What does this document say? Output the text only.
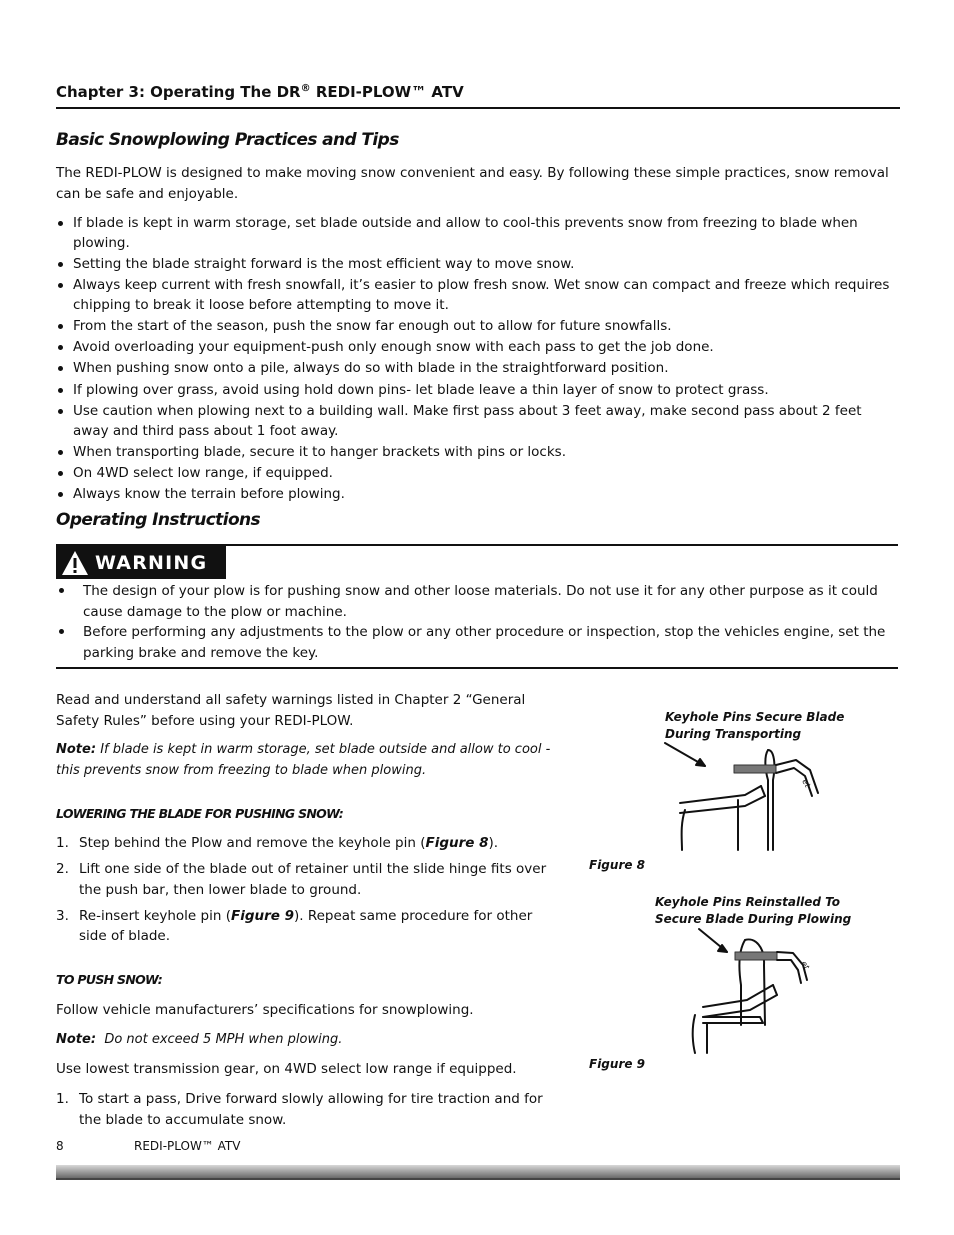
Chapter 3: Operating The DR® REDI-PLOW™ ATV
Basic Snowplowing Practices and Tips
The REDI-PLOW is designed to make moving snow convenient and easy. By following these simple practices, snow removal can be safe and enjoyable.
If blade is kept in warm storage, set blade outside and allow to cool-this prevents snow from freezing to blade when plowing.
Setting the blade straight forward is the most efficient way to move snow.
Always keep current with fresh snowfall, it’s easier to plow fresh snow. Wet snow can compact and freeze which requires chipping to break it loose before attempting to move it.
From the start of the season, push the snow far enough out to allow for future snowfalls.
Avoid overloading your equipment-push only enough snow with each pass to get the job done.
When pushing snow onto a pile, always do so with blade in the straightforward position.
If plowing over grass, avoid using hold down pins- let blade leave a thin layer of snow to protect grass.
Use caution when plowing next to a building wall. Make first pass about 3 feet away, make second pass about 2 feet away and third pass about 1 foot away.
When transporting blade, secure it to hanger brackets with pins or locks.
On 4WD select low range, if equipped.
Always know the terrain before plowing.
Operating Instructions
WARNING
The design of your plow is for pushing snow and other loose materials. Do not use it for any other purpose as it could cause damage to the plow or machine.
Before performing any adjustments to the plow or any other procedure or inspection, stop the vehicles engine, set the parking brake and remove the key.
Read and understand all safety warnings listed in Chapter 2 “General Safety Rules” before using your REDI-PLOW.
Note: If blade is kept in warm storage, set blade outside and allow to cool - this prevents snow from freezing to blade when plowing.
LOWERING THE BLADE FOR PUSHING SNOW:
1. Step behind the Plow and remove the keyhole pin (Figure 8).
2. Lift one side of the blade out of retainer until the slide hinge fits over the push bar, then lower blade to ground.
3. Re-insert keyhole pin (Figure 9). Repeat same procedure for other side of blade.
TO PUSH SNOW:
Follow vehicle manufacturers’ specifications for snowplowing.
Note: Do not exceed 5 MPH when plowing.
Use lowest transmission gear, on 4WD select low range if equipped.
1. To start a pass, Drive forward slowly allowing for tire traction and for the blade to accumulate snow.
Keyhole Pins Secure Blade
During Transporting
et
Figure 8
Keyhole Pins Reinstalled To
Secure Blade During Plowing
et
Figure 9
8	REDI-PLOW™ ATV
